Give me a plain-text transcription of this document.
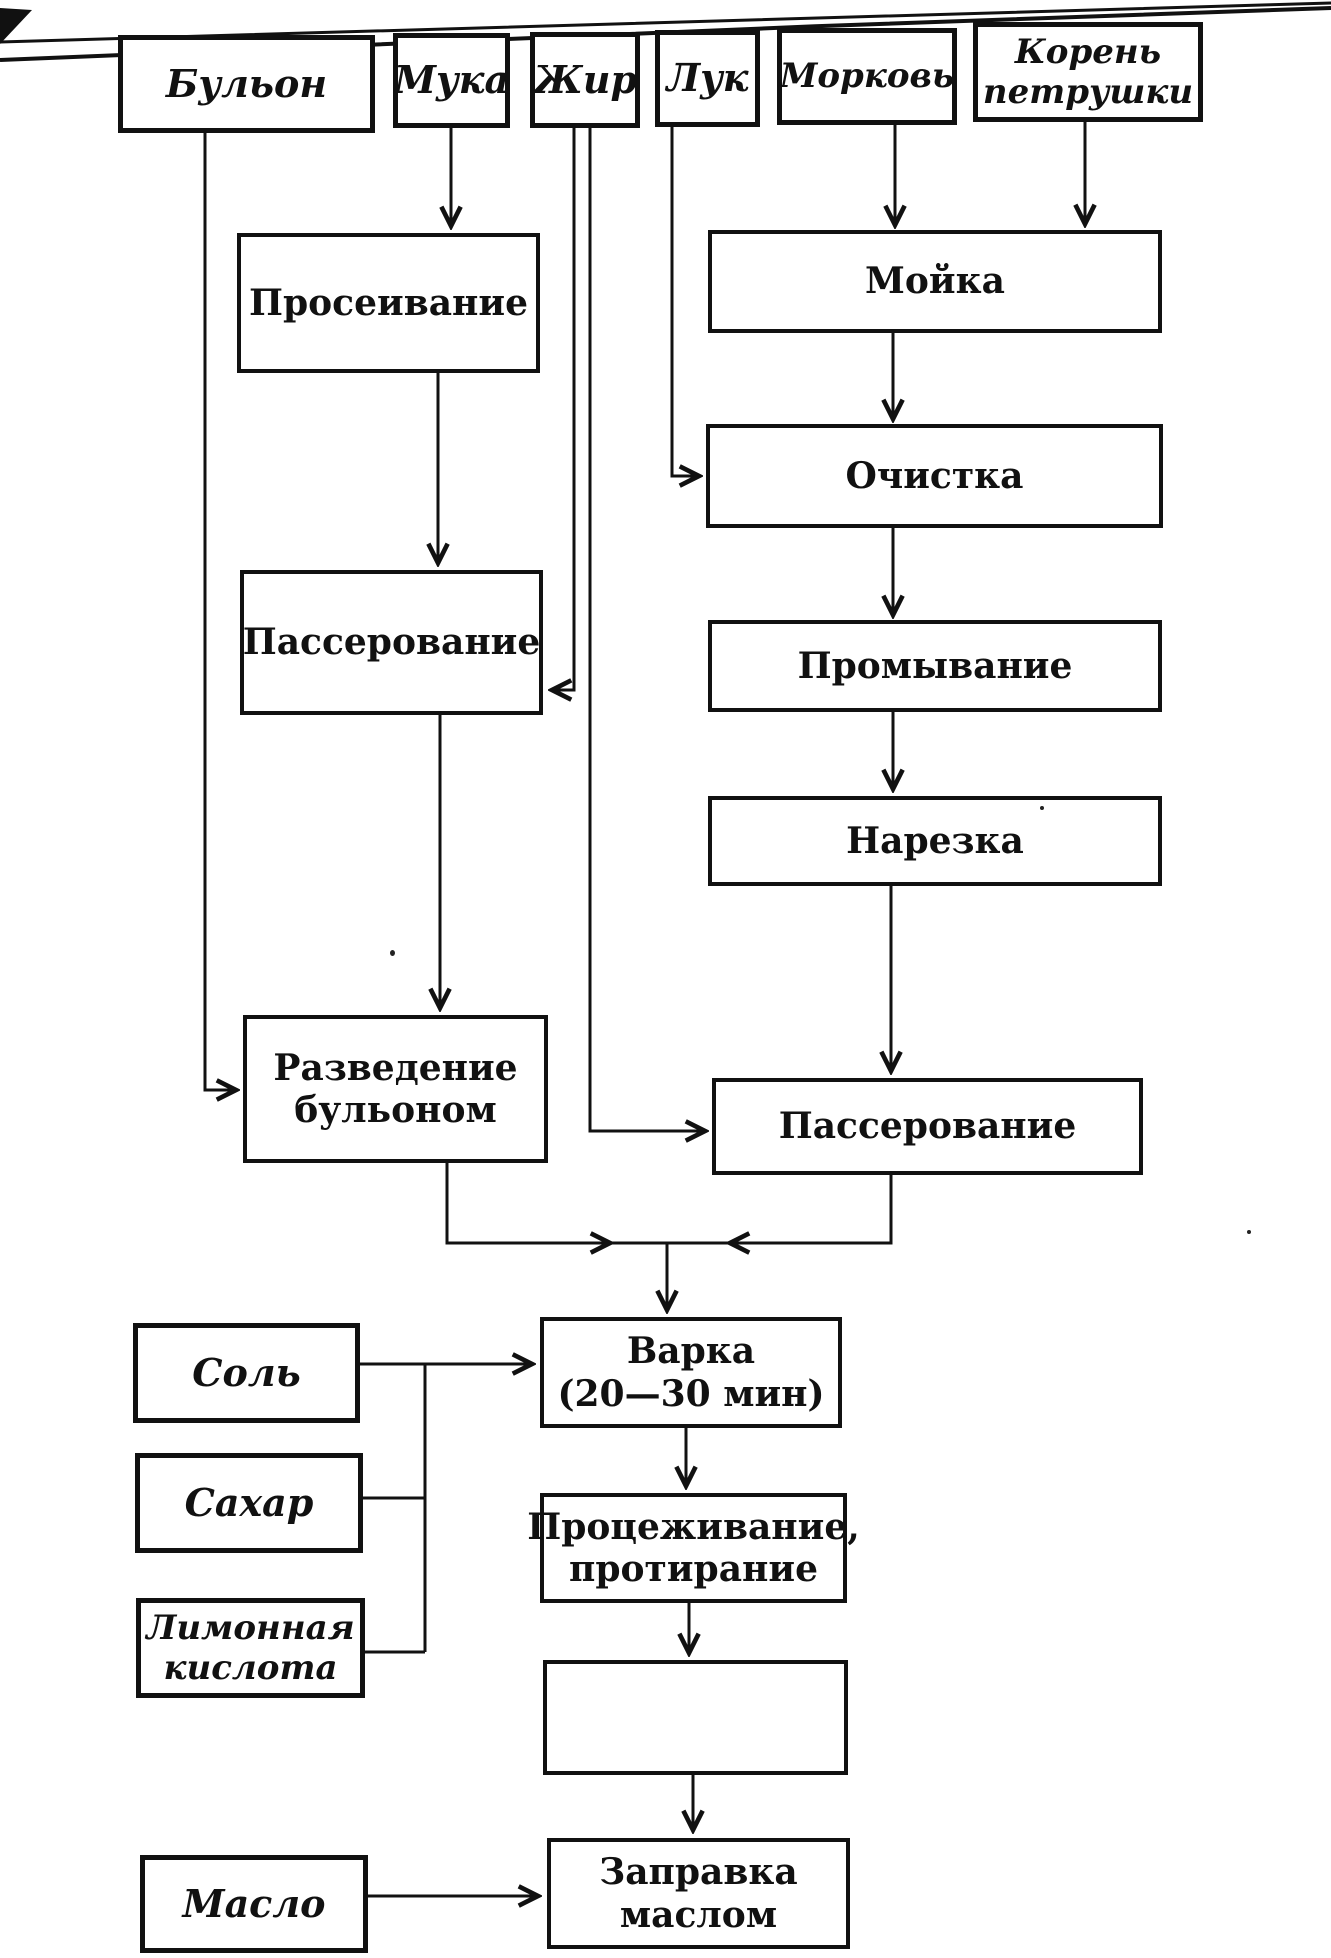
Бульон Мука Жир Лук Морковь
Корень
петрушки
Просеивание
Пассерование
Разведение
бульоном
Мойка
Очистка
Промывание
Нарезка
Пассерование
Соль
Сахар
Лимонная
кислота
Масло
Варка
(20—30 мин)
Процеживание,
протирание
Заправка
маслом
